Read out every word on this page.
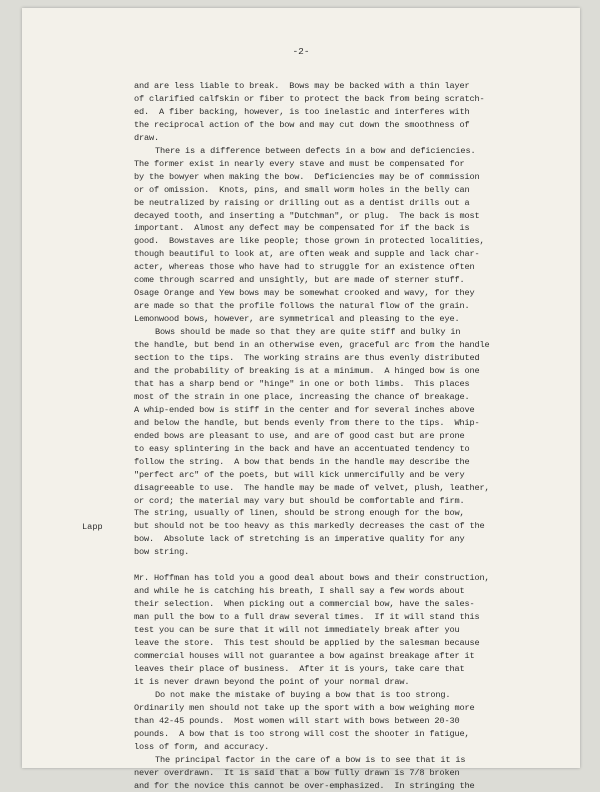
-2-
and are less liable to break.  Bows may be backed with a thin layer
of clarified calfskin or fiber to protect the back from being scratch-
ed.  A fiber backing, however, is too inelastic and interferes with
the reciprocal action of the bow and may cut down the smoothness of
draw.
There is a difference between defects in a bow and deficiencies.
The former exist in nearly every stave and must be compensated for
by the bowyer when making the bow.  Deficiencies may be of commission
or of omission.  Knots, pins, and small worm holes in the belly can
be neutralized by raising or drilling out as a dentist drills out a
decayed tooth, and inserting a "Dutchman", or plug.  The back is most
important.  Almost any defect may be compensated for if the back is
good.  Bowstaves are like people; those grown in protected localities,
though beautiful to look at, are often weak and supple and lack char-
acter, whereas those who have had to struggle for an existence often
come through scarred and unsightly, but are made of sterner stuff.
Osage Orange and Yew bows may be somewhat crooked and wavy, for they
are made so that the profile follows the natural flow of the grain.
Lemonwood bows, however, are symmetrical and pleasing to the eye.
Bows should be made so that they are quite stiff and bulky in
the handle, but bend in an otherwise even, graceful arc from the handle
section to the tips.  The working strains are thus evenly distributed
and the probability of breaking is at a minimum.  A hinged bow is one
that has a sharp bend or "hinge" in one or both limbs.  This places
most of the strain in one place, increasing the chance of breakage.
A whip-ended bow is stiff in the center and for several inches above
and below the handle, but bends evenly from there to the tips.  Whip-
ended bows are pleasant to use, and are of good cast but are prone
to easy splintering in the back and have an accentuated tendency to
follow the string.  A bow that bends in the handle may describe the
"perfect arc" of the poets, but will kick unmercifully and be very
disagreeable to use.  The handle may be made of velvet, plush, leather,
or cord; the material may vary but should be comfortable and firm.
The string, usually of linen, should be strong enough for the bow,
but should not be too heavy as this markedly decreases the cast of the
bow.  Absolute lack of stretching is an imperative quality for any
bow string.
Mr. Hoffman has told you a good deal about bows and their construction,
and while he is catching his breath, I shall say a few words about
their selection.  When picking out a commercial bow, have the sales-
man pull the bow to a full draw several times.  If it will stand this
test you can be sure that it will not immediately break after you
leave the store.  This test should be applied by the salesman because
commercial houses will not guarantee a bow against breakage after it
leaves their place of business.  After it is yours, take care that
it is never drawn beyond the point of your normal draw.
Do not make the mistake of buying a bow that is too strong.
Ordinarily men should not take up the sport with a bow weighing more
than 42-45 pounds.  Most women will start with bows between 20-30
pounds.  A bow that is too strong will cost the shooter in fatigue,
loss of form, and accuracy.
The principal factor in the care of a bow is to see that it is
never overdrawn.  It is said that a bow fully drawn is 7/8 broken
and for the novice this cannot be over-emphasized.  In stringing the
Lapp
